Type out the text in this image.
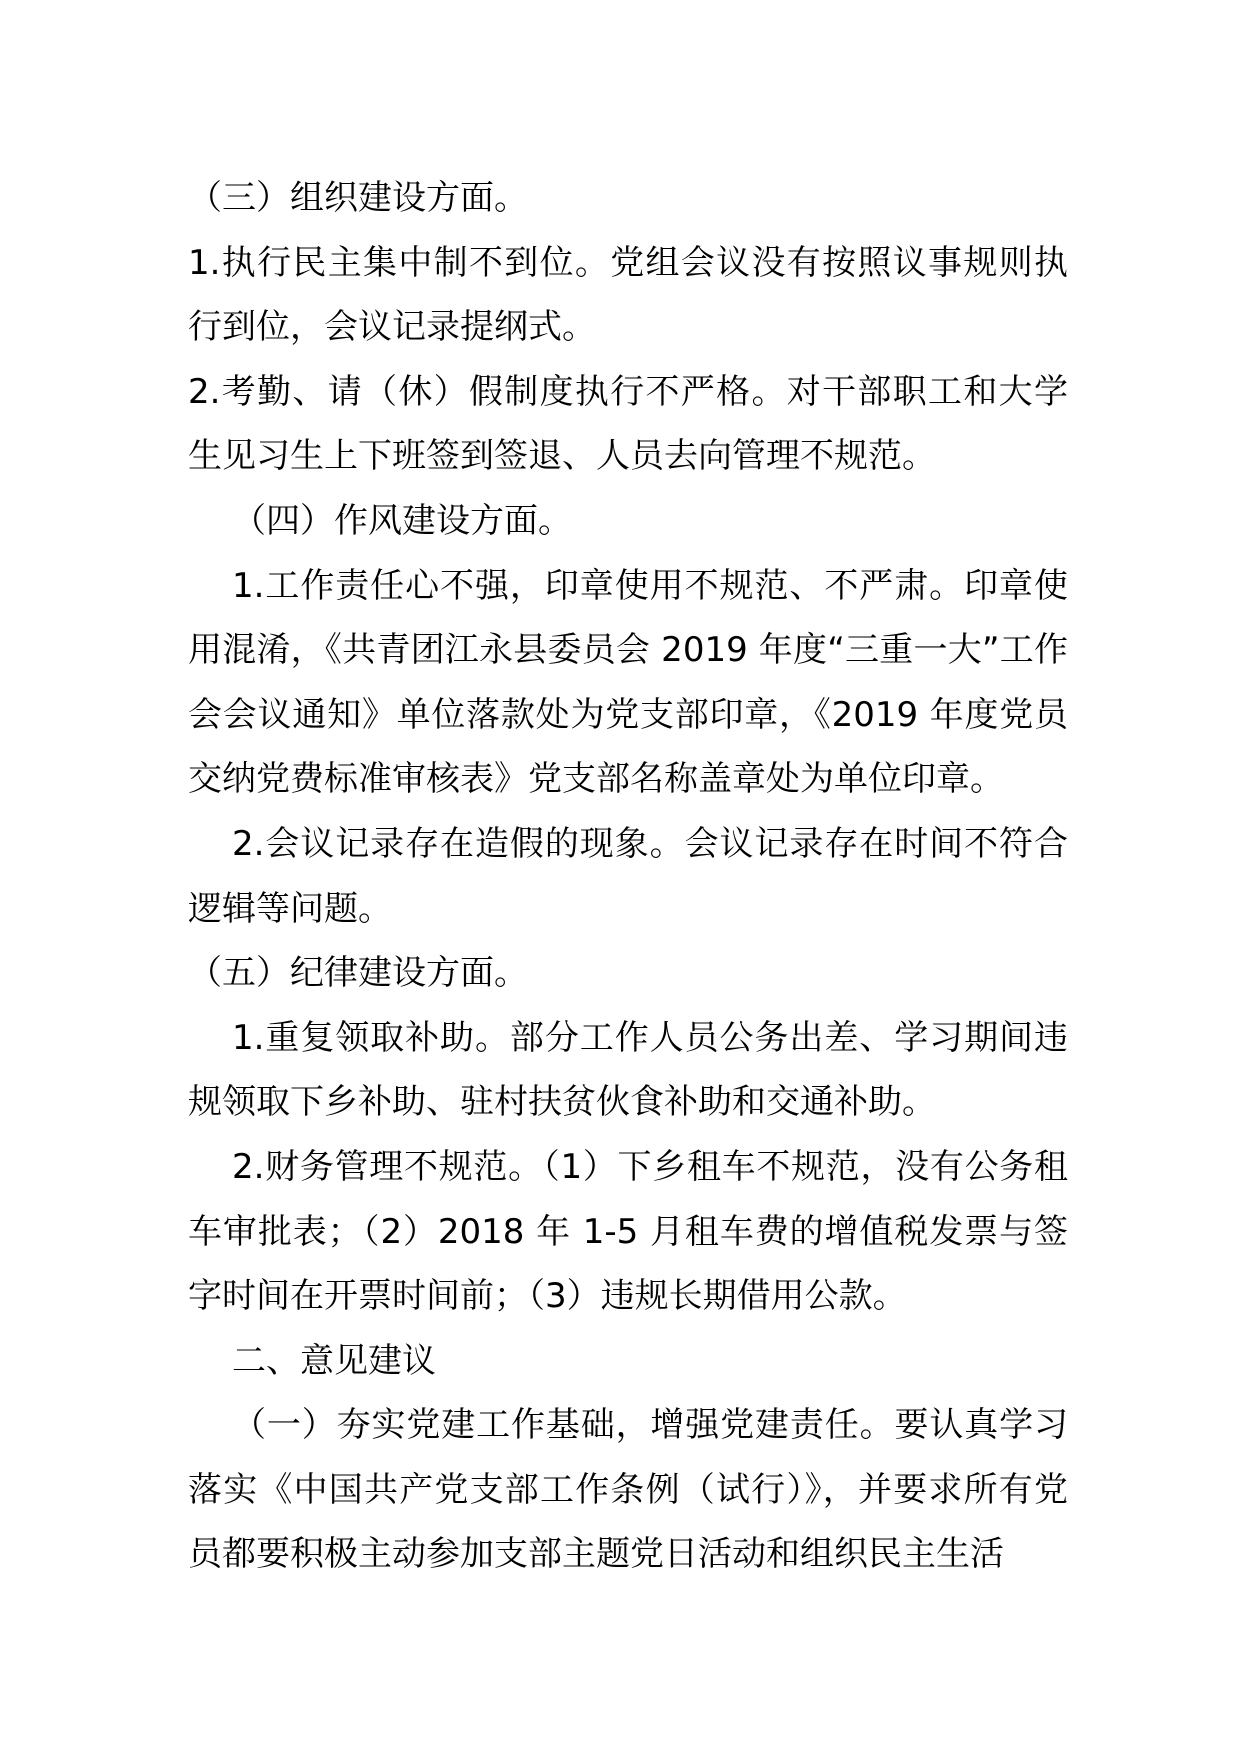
（三）组织建设方面。

1.执行民主集中制不到位。党组会议没有按照议事规则执行到位，会议记录提纲式。

2.考勤、请（休）假制度执行不严格。对干部职工和大学生见习生上下班签到签退、人员去向管理不规范。

（四）作风建设方面。

1.工作责任心不强，印章使用不规范、不严肃。印章使用混淆，《共青团江永县委员会 2019 年度“三重一大”工作会会议通知》单位落款处为党支部印章，《2019 年度党员交纳党费标准审核表》党支部名称盖章处为单位印章。

2.会议记录存在造假的现象。会议记录存在时间不符合逻辑等问题。

（五）纪律建设方面。

1.重复领取补助。部分工作人员公务出差、学习期间违规领取下乡补助、驻村扶贫伙食补助和交通补助。

2.财务管理不规范。（1）下乡租车不规范，没有公务租车审批表；（2）2018 年 1-5 月租车费的增值税发票与签字时间在开票时间前；（3）违规长期借用公款。

二、意见建议

（一）夯实党建工作基础，增强党建责任。要认真学习落实《中国共产党支部工作条例（试行）》，并要求所有党员都要积极主动参加支部主题党日活动和组织民主生活
